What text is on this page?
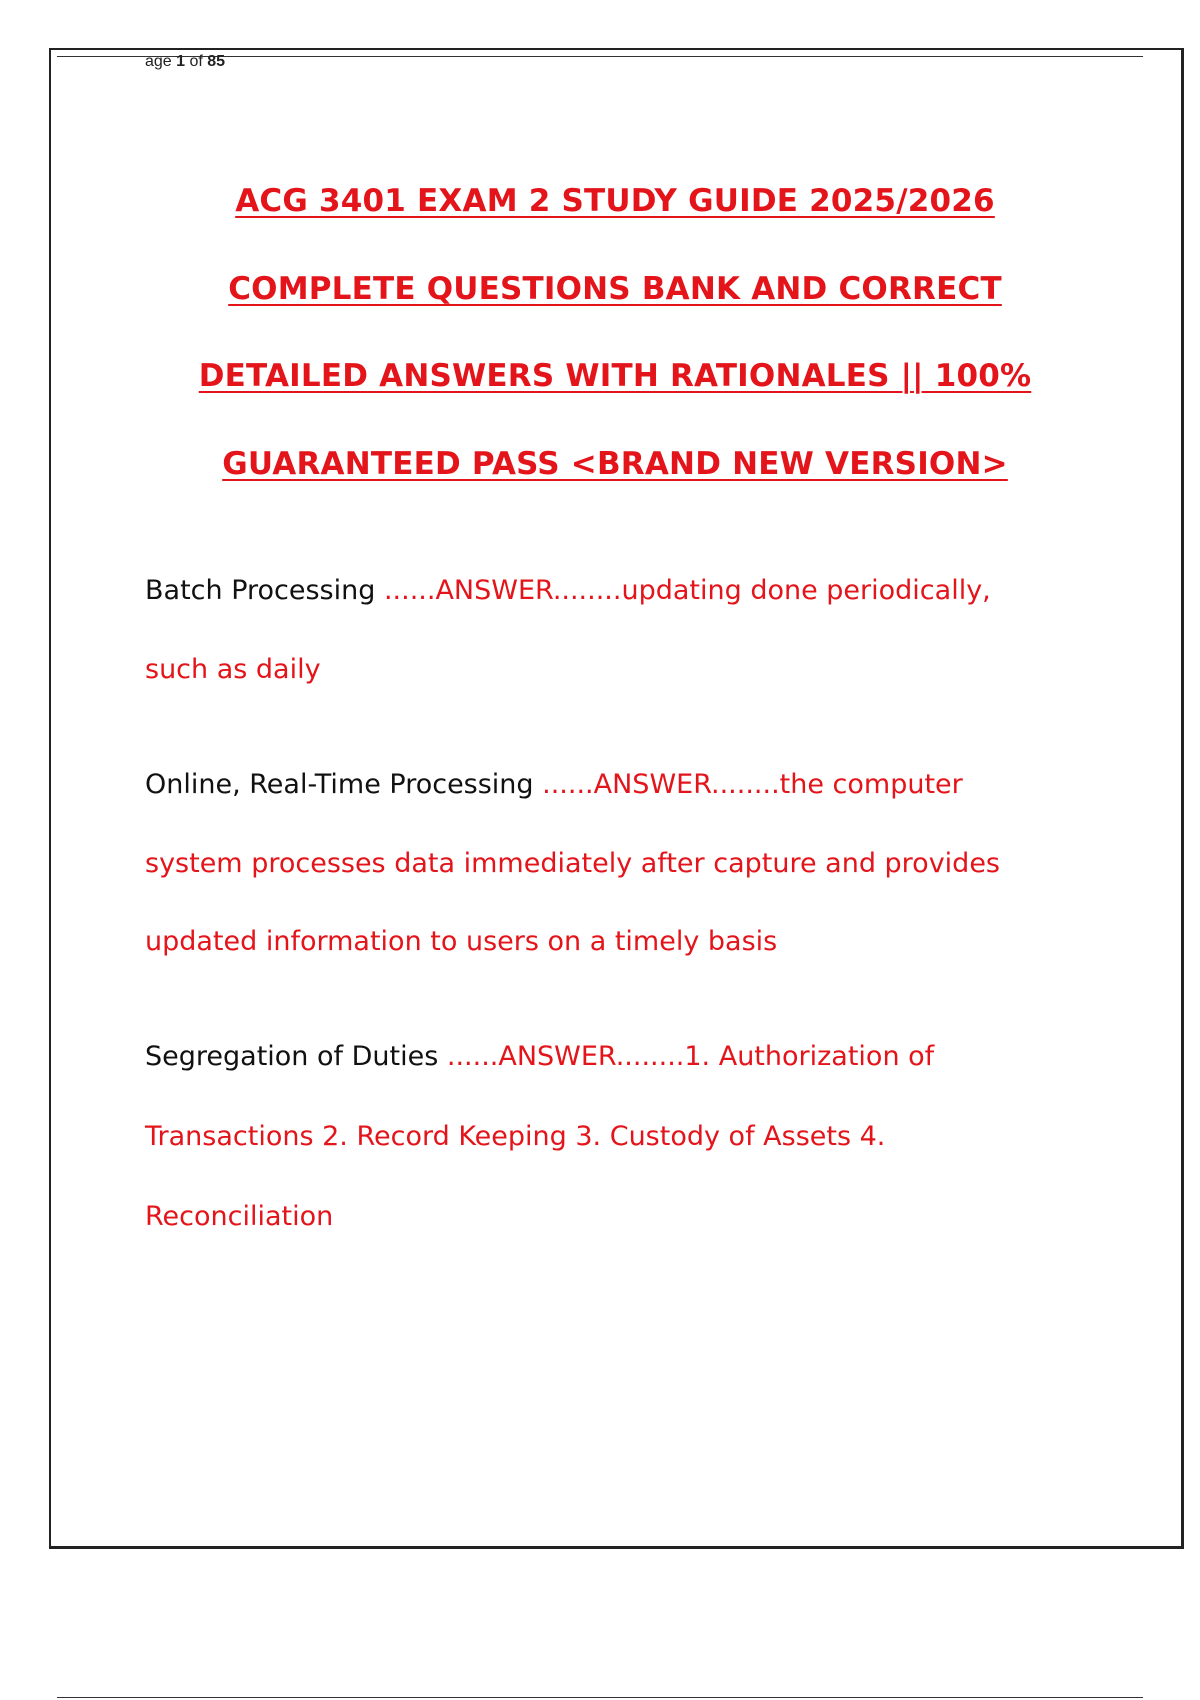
age 1 of 85
ACG 3401 EXAM 2 STUDY GUIDE 2025/2026
COMPLETE QUESTIONS BANK AND CORRECT
DETAILED ANSWERS WITH RATIONALES || 100%
GUARANTEED PASS <BRAND NEW VERSION>
Batch Processing ......ANSWER........updating done periodically,
such as daily
Online, Real-Time Processing ......ANSWER........the computer
system processes data immediately after capture and provides
updated information to users on a timely basis
Segregation of Duties ......ANSWER........1. Authorization of
Transactions 2. Record Keeping 3. Custody of Assets 4.
Reconciliation
